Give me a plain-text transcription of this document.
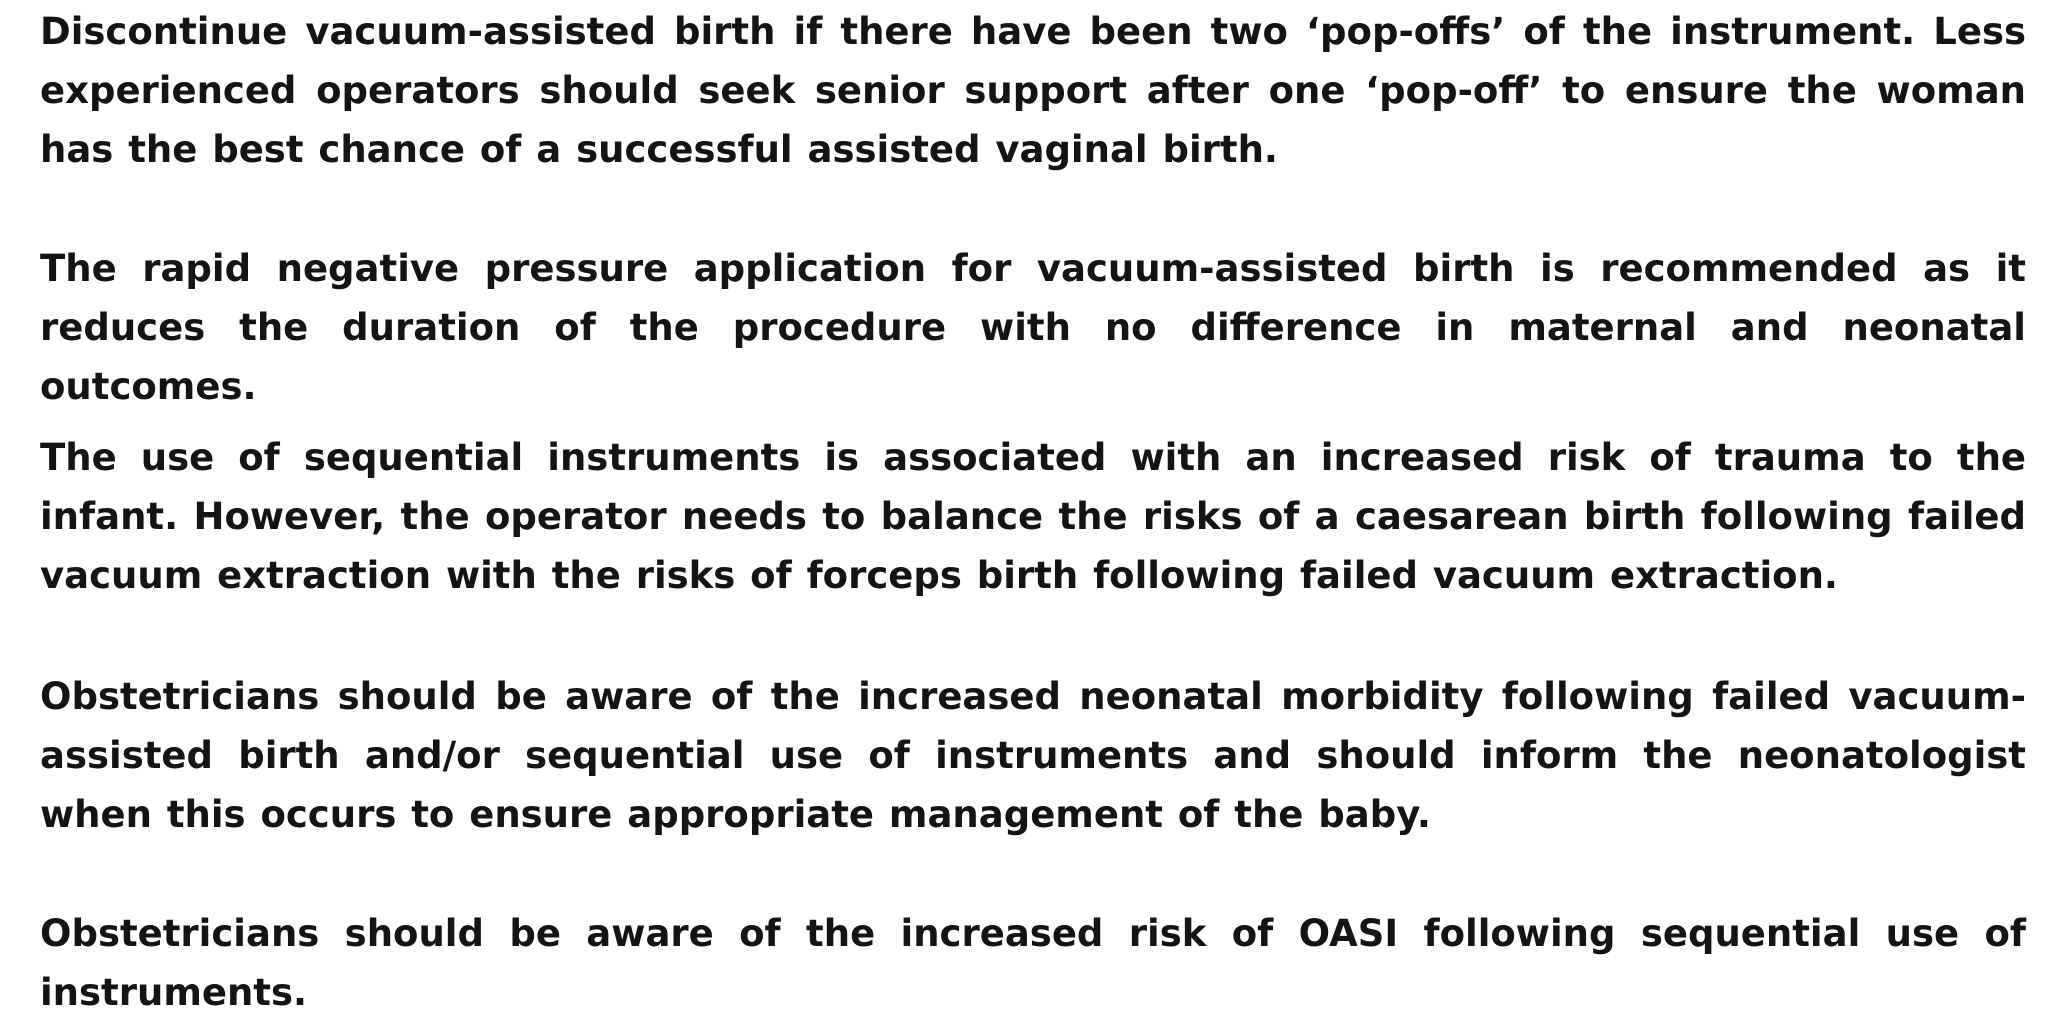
Discontinue vacuum-assisted birth if there have been two ‘pop-offs’ of the instrument. Less experienced operators should seek senior support after one ‘pop-off’ to ensure the woman has the best chance of a successful assisted vaginal birth.

The rapid negative pressure application for vacuum-assisted birth is recommended as it reduces the duration of the procedure with no difference in maternal and neonatal outcomes.

The use of sequential instruments is associated with an increased risk of trauma to the infant. However, the operator needs to balance the risks of a caesarean birth following failed vacuum extraction with the risks of forceps birth following failed vacuum extraction.

Obstetricians should be aware of the increased neonatal morbidity following failed vacuum-assisted birth and/or sequential use of instruments and should inform the neonatologist when this occurs to ensure appropriate management of the baby.

Obstetricians should be aware of the increased risk of OASI following sequential use of instruments.
